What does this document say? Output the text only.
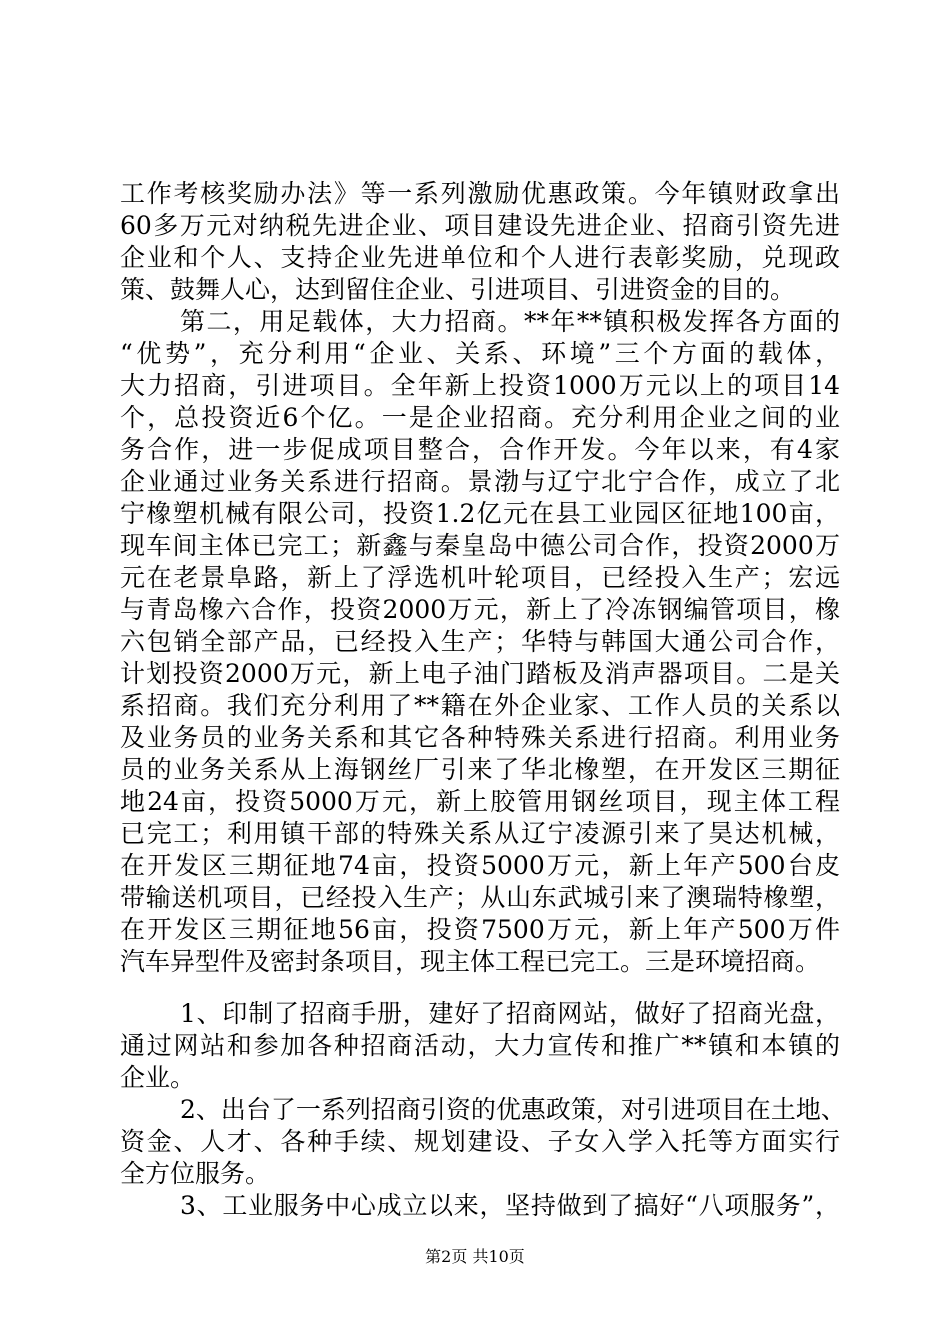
工作考核奖励办法》等一系列激励优惠政策。今年镇财政拿出
60多万元对纳税先进企业、项目建设先进企业、招商引资先进
企业和个人、支持企业先进单位和个人进行表彰奖励，兑现政
策、鼓舞人心，达到留住企业、引进项目、引进资金的目的。
第二，用足载体，大力招商。**年**镇积极发挥各方面的
“优势”，充分利用“企业、关系、环境”三个方面的载体，
大力招商，引进项目。全年新上投资1000万元以上的项目14
个，总投资近6个亿。一是企业招商。充分利用企业之间的业
务合作，进一步促成项目整合，合作开发。今年以来，有4家
企业通过业务关系进行招商。景渤与辽宁北宁合作，成立了北
宁橡塑机械有限公司，投资1.2亿元在县工业园区征地100亩，
现车间主体已完工；新鑫与秦皇岛中德公司合作，投资2000万
元在老景阜路，新上了浮选机叶轮项目，已经投入生产；宏远
与青岛橡六合作，投资2000万元，新上了冷冻钢编管项目，橡
六包销全部产品，已经投入生产；华特与韩国大通公司合作，
计划投资2000万元，新上电子油门踏板及消声器项目。二是关
系招商。我们充分利用了**籍在外企业家、工作人员的关系以
及业务员的业务关系和其它各种特殊关系进行招商。利用业务
员的业务关系从上海钢丝厂引来了华北橡塑，在开发区三期征
地24亩，投资5000万元，新上胶管用钢丝项目，现主体工程
已完工；利用镇干部的特殊关系从辽宁凌源引来了昊达机械，
在开发区三期征地74亩，投资5000万元，新上年产500台皮
带输送机项目，已经投入生产；从山东武城引来了澳瑞特橡塑，
在开发区三期征地56亩，投资7500万元，新上年产500万件
汽车异型件及密封条项目，现主体工程已完工。三是环境招商。
1、印制了招商手册，建好了招商网站，做好了招商光盘，
通过网站和参加各种招商活动，大力宣传和推广**镇和本镇的
企业。
2、出台了一系列招商引资的优惠政策，对引进项目在土地、
资金、人才、各种手续、规划建设、子女入学入托等方面实行
全方位服务。
3、工业服务中心成立以来，坚持做到了搞好“八项服务”，
第2页 共10页
